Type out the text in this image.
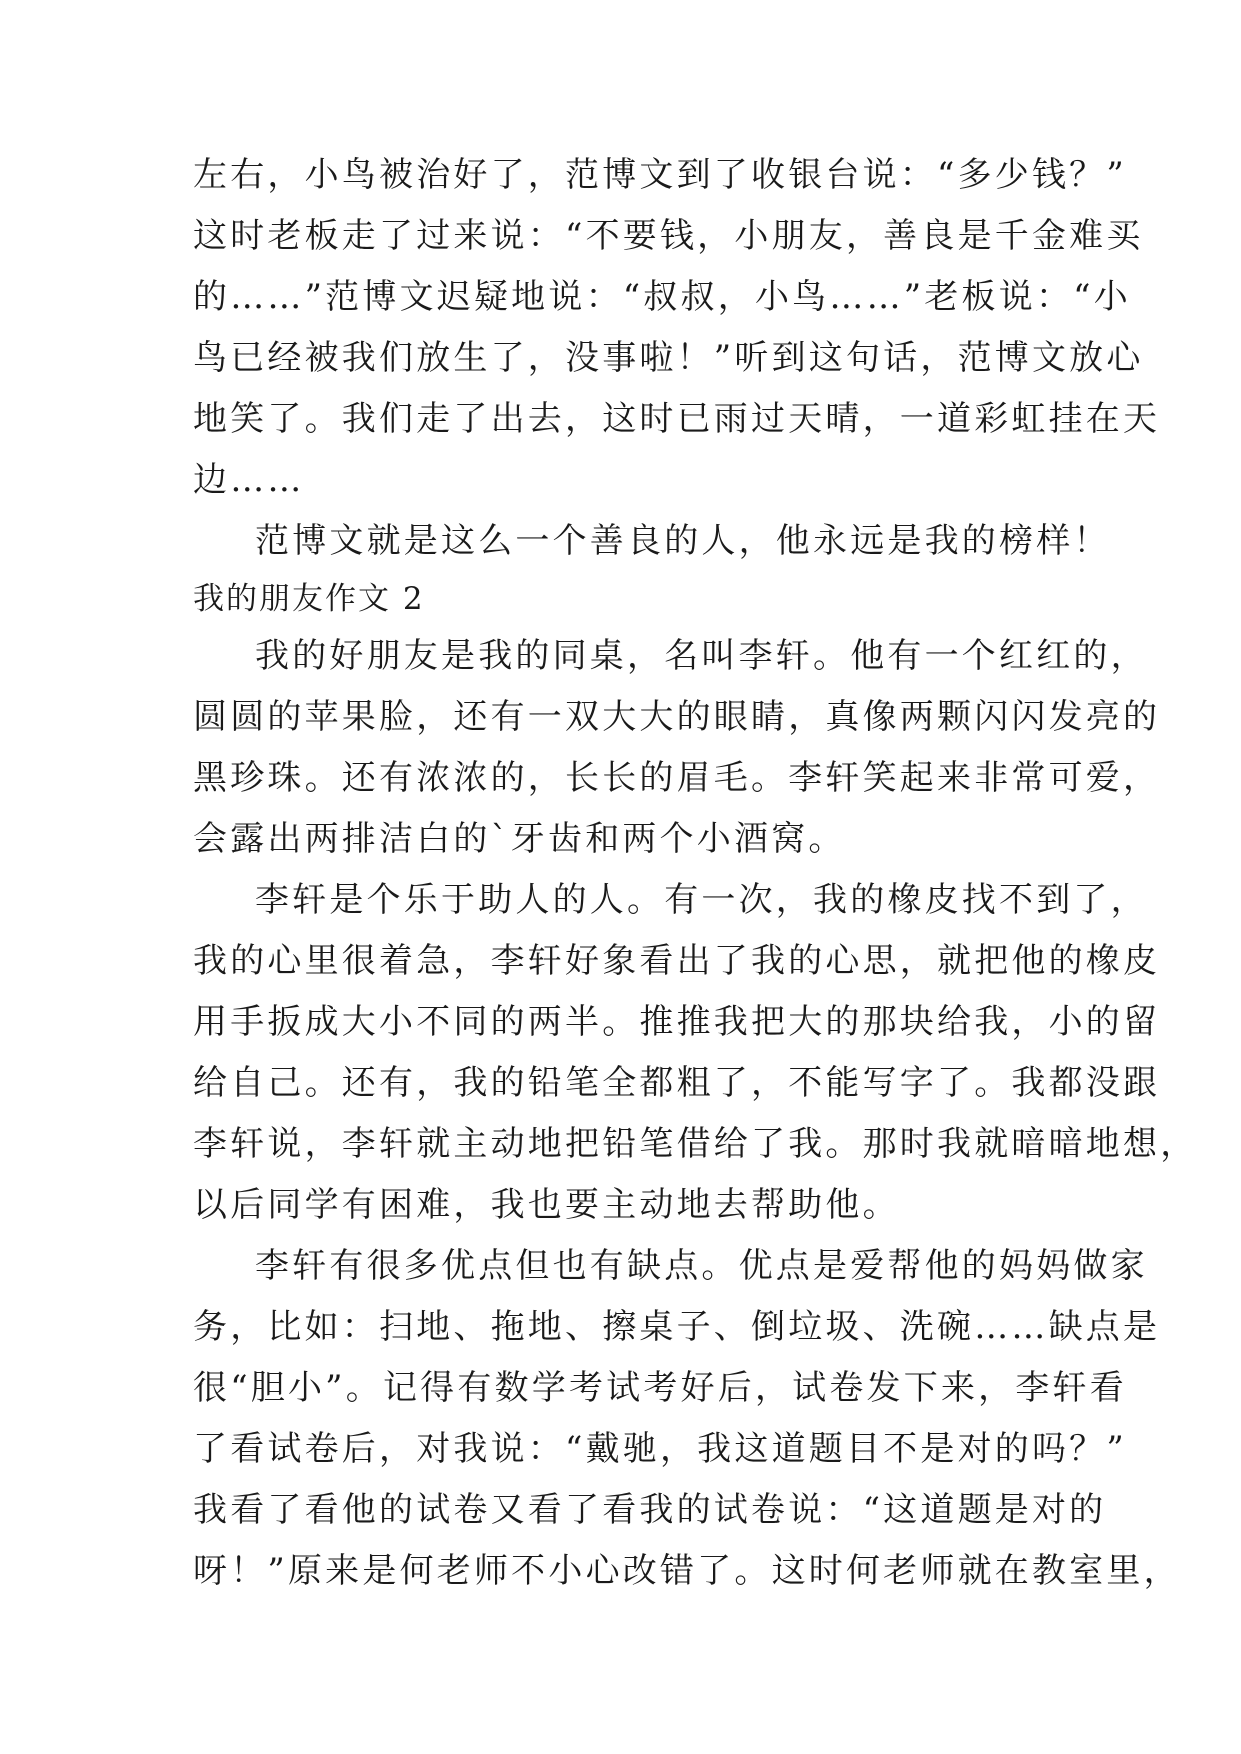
左右，小鸟被治好了，范博文到了收银台说：“多少钱？”
这时老板走了过来说：“不要钱，小朋友，善良是千金难买
的……”范博文迟疑地说：“叔叔，小鸟……”老板说：“小
鸟已经被我们放生了，没事啦！”听到这句话，范博文放心
地笑了。我们走了出去，这时已雨过天晴，一道彩虹挂在天
边……
范博文就是这么一个善良的人，他永远是我的榜样！
我的朋友作文 2
我的好朋友是我的同桌，名叫李轩。他有一个红红的，
圆圆的苹果脸，还有一双大大的眼睛，真像两颗闪闪发亮的
黑珍珠。还有浓浓的，长长的眉毛。李轩笑起来非常可爱，
会露出两排洁白的`牙齿和两个小酒窝。
李轩是个乐于助人的人。有一次，我的橡皮找不到了，
我的心里很着急，李轩好象看出了我的心思，就把他的橡皮
用手扳成大小不同的两半。推推我把大的那块给我，小的留
给自己。还有，我的铅笔全都粗了，不能写字了。我都没跟
李轩说，李轩就主动地把铅笔借给了我。那时我就暗暗地想，
以后同学有困难，我也要主动地去帮助他。
李轩有很多优点但也有缺点。优点是爱帮他的妈妈做家
务，比如：扫地、拖地、擦桌子、倒垃圾、洗碗……缺点是
很“胆小”。记得有数学考试考好后，试卷发下来，李轩看
了看试卷后，对我说：“戴驰，我这道题目不是对的吗？”
我看了看他的试卷又看了看我的试卷说：“这道题是对的
呀！”原来是何老师不小心改错了。这时何老师就在教室里，
